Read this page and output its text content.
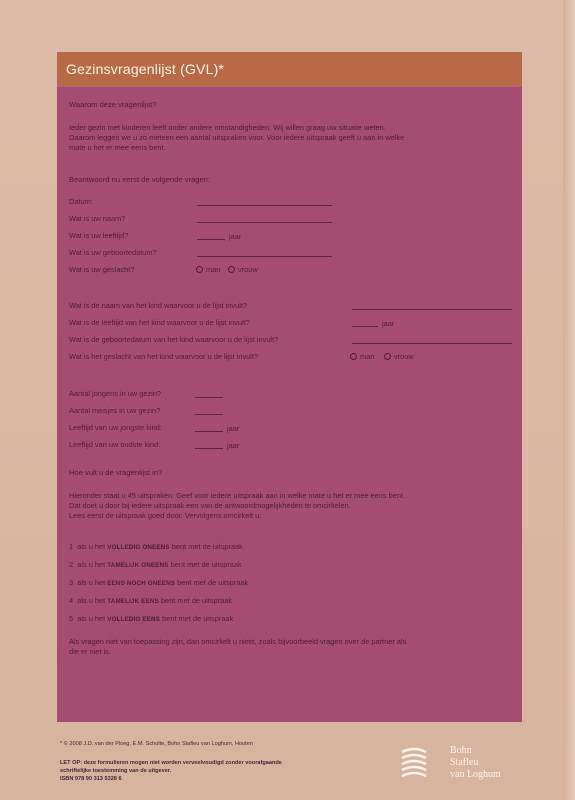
Gezinsvragenlijst (GVL)*
Waarom deze vragenlijst?
Ieder gezin met kinderen leeft onder andere omstandigheden. Wij willen graag uw situatie weten.
Daarom leggen we u zo meteen een aantal uitspraken voor. Voor iedere uitspraak geeft u aan in welke
mate u het er mee eens bent.
Beantwoord nu eerst de volgende vragen:
Datum:
Wat is uw naam?
Wat is uw leeftijd?	jaar
Wat is uw geboortedatum?
Wat is uw geslacht?	man vrouw
Wat is de naam van het kind waarvoor u de lijst invult?
Wat is de leeftijd van het kind waarvoor u de lijst invult?	jaar
Wat is de geboortedatum van het kind waarvoor u de lijst invult?
Wat is het geslacht van het kind waarvoor u de lijst invult?	man	vrouw
Aantal jongens in uw gezin?
Aantal meisjes in uw gezin?
Leeftijd van uw jongste kind:	jaar
Leeftijd van uw oudste kind:	jaar
Hoe vult u de vragenlijst in?
Hieronder staat u 45 uitspraken. Geef voor iedere uitspraak aan in welke mate u het er mee eens bent.
Dat doet u door bij iedere uitspraak een van de antwoordmogelijkheden te omcirkelen.
Lees eerst de uitspraak goed door. Vervolgens omcirkelt u:
1 als u het VOLLEDIG ONEENS bent met de uitspraak
2 als u het TAMELIJK ONEENS bent met de uitspraak
3 als u het EENS NOCH ONEENS bent met de uitspraak
4 als u het TAMELIJK EENS bent met de uitspraak
5 als u het VOLLEDIG EENS bent met de uitspraak
Als vragen niet van toepassing zijn, dan omcirkelt u niets, zoals bijvoorbeeld vragen over de partner als
die er niet is.
* © 2008 J.D. van der Ploeg, E.M. Scholte, Bohn Stafleu van Loghum, Houten
LET OP: deze formulieren mogen niet worden verveelvoudigd zonder voorafgaande
schriftelijke toestemming van de uitgever.
ISBN 978 90 313 5328 6
Bohn
Stafleu
van Loghum
